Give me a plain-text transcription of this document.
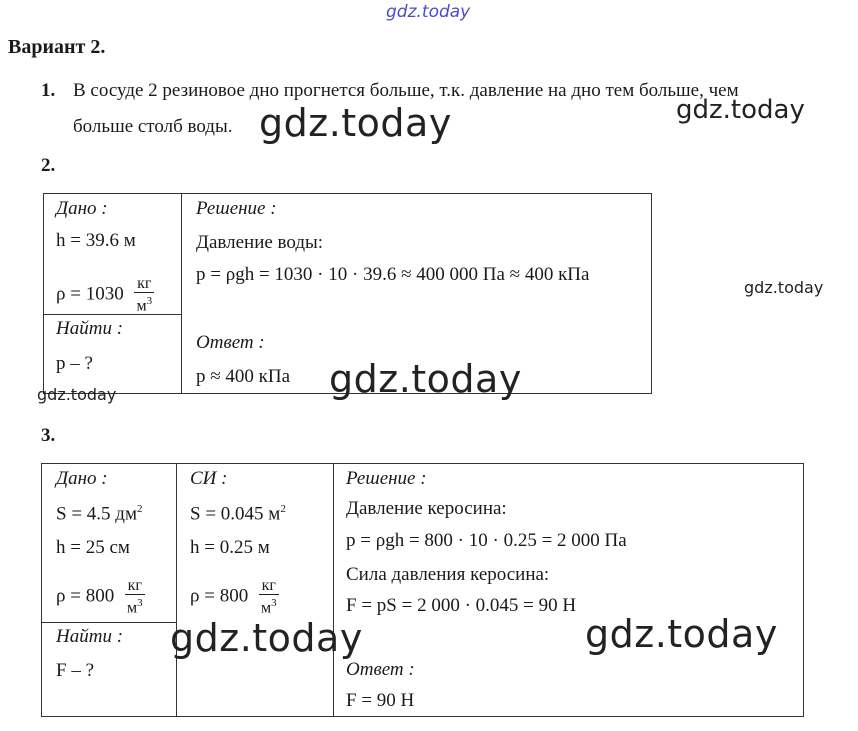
gdz.today
Вариант 2.
1. В сосуде 2 резиновое дно прогнется больше, т.к. давление на дно тем больше, чем
больше столб воды. gdz.today	gdz.today
2.
Дано :
h = 39.6 м
$\rho = 1030 \frac{кг}{м^3}$
Найти :
p – ?
Решение :
Давление воды:
p = ρgh = 1030 · 10 · 39.6 ≈ 400 000 Па ≈ 400 кПа
Ответ :
p ≈ 400 кПа
gdz.today
gdz.today
gdz.today
3.
Дано :
S = 4.5 $дм^2$
h = 25 см
$\rho = 800 \frac{кг}{м^3}$
Найти :
F – ?
СИ :
S = 0.045 $м^2$
h = 0.25 м
$\rho = 800 \frac{кг}{м^3}$
Решение :
Давление керосина:
p = ρgh = 800 · 10 · 0.25 = 2 000 Па
Сила давления керосина:
F = pS = 2 000 · 0.045 = 90 Н
Ответ :
F = 90 Н
gdz.today	gdz.today
